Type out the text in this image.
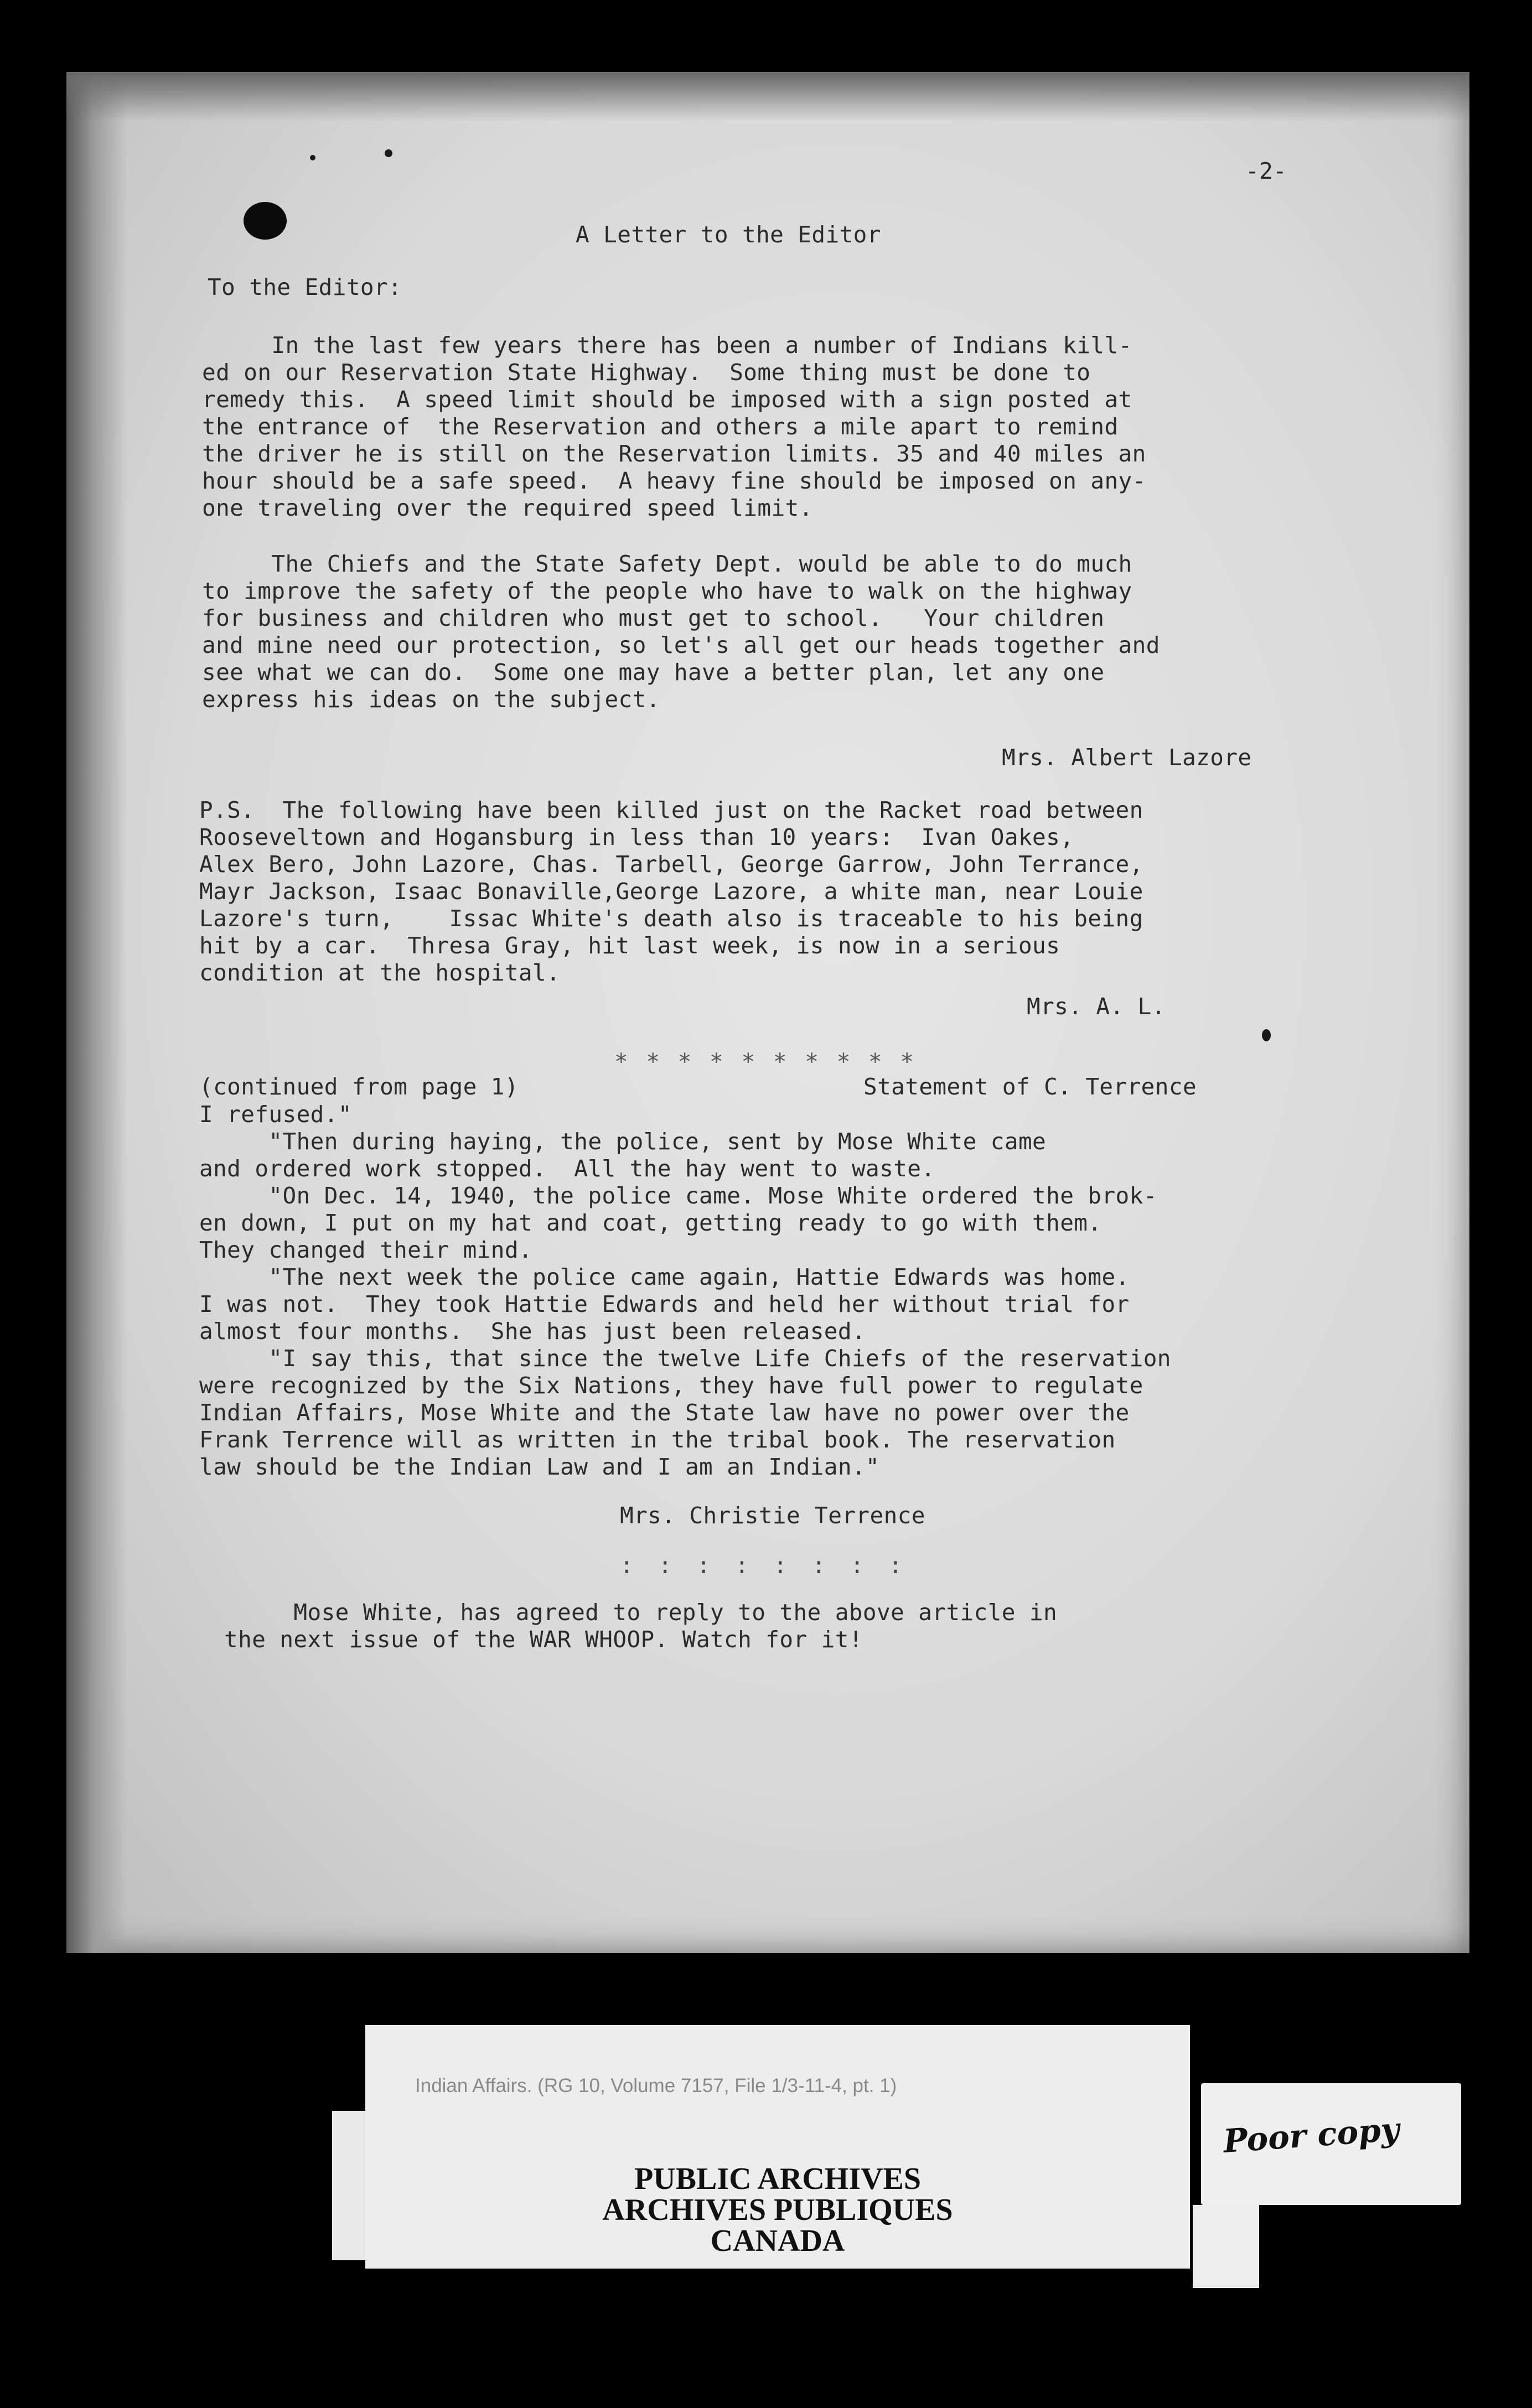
-2-

A Letter to the Editor

To the Editor:

In the last few years there has been a number of Indians kill-
ed on our Reservation State Highway.  Some thing must be done to
remedy this.  A speed limit should be imposed with a sign posted at
the entrance of  the Reservation and others a mile apart to remind
the driver he is still on the Reservation limits. 35 and 40 miles an
hour should be a safe speed.  A heavy fine should be imposed on any-
one traveling over the required speed limit.

The Chiefs and the State Safety Dept. would be able to do much
to improve the safety of the people who have to walk on the highway
for business and children who must get to school.   Your children
and mine need our protection, so let's all get our heads together and
see what we can do.  Some one may have a better plan, let any one
express his ideas on the subject.

Mrs. Albert Lazore

P.S.  The following have been killed just on the Racket road between
Rooseveltown and Hogansburg in less than 10 years:  Ivan Oakes,
Alex Bero, John Lazore, Chas. Tarbell, George Garrow, John Terrance,
Mayr Jackson, Isaac Bonaville,George Lazore, a white man, near Louie
Lazore's turn,    Issac White's death also is traceable to his being
hit by a car.  Thresa Gray, hit last week, is now in a serious
condition at the hospital.

Mrs. A. L.

* * * * * * * * * *

(continued from page 1)	Statement of C. Terrence

I refused."
"Then during haying, the police, sent by Mose White came
and ordered work stopped.  All the hay went to waste.
"On Dec. 14, 1940, the police came. Mose White ordered the brok-
en down, I put on my hat and coat, getting ready to go with them.
They changed their mind.
"The next week the police came again, Hattie Edwards was home.
I was not.  They took Hattie Edwards and held her without trial for
almost four months.  She has just been released.
"I say this, that since the twelve Life Chiefs of the reservation
were recognized by the Six Nations, they have full power to regulate
Indian Affairs, Mose White and the State law have no power over the
Frank Terrence will as written in the tribal book. The reservation
law should be the Indian Law and I am an Indian."

Mrs. Christie Terrence

: : : : : : : :

Mose White, has agreed to reply to the above article in
the next issue of the WAR WHOOP. Watch for it!

Indian Affairs. (RG 10, Volume 7157, File 1/3-11-4, pt. 1)

PUBLIC ARCHIVES

ARCHIVES PUBLIQUES

CANADA

Poor copy
